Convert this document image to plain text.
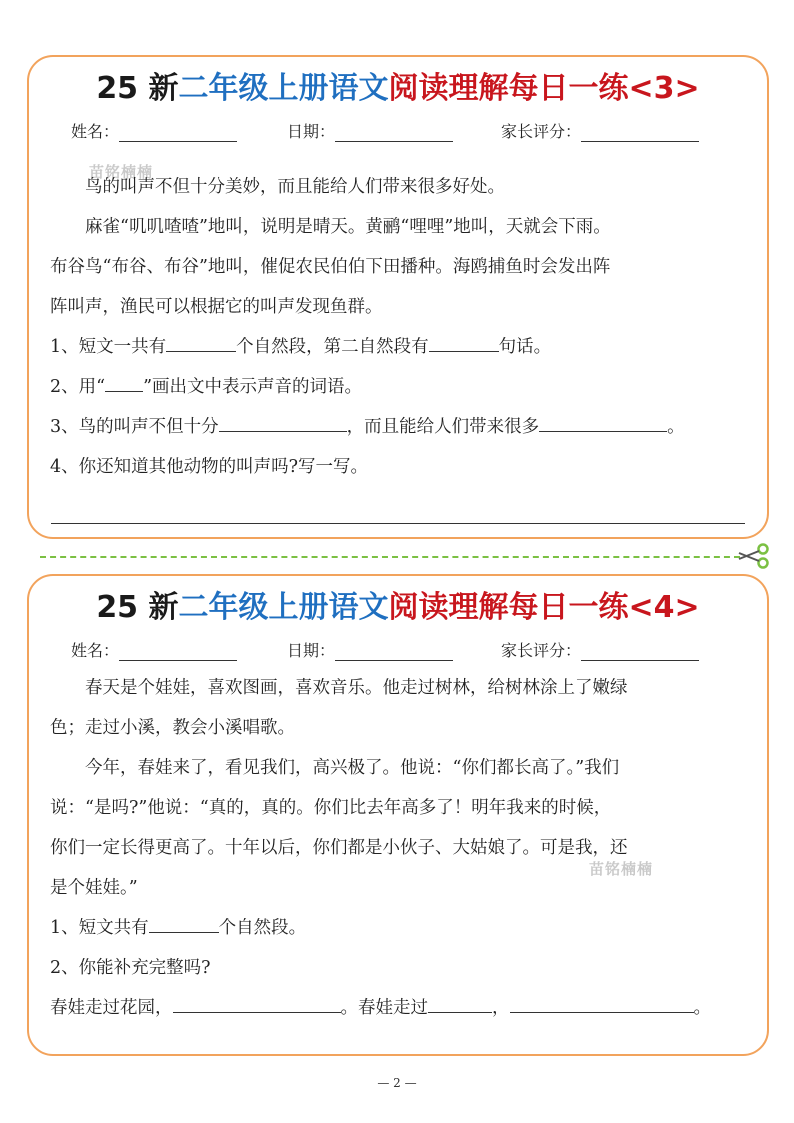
25 新二年级上册语文阅读理解每日一练<3>
姓名：	日期：	家长评分：
苗铭楠楠
鸟的叫声不但十分美妙，而且能给人们带来很多好处。
麻雀“叽叽喳喳”地叫，说明是晴天。黄鹂“哩哩”地叫，天就会下雨。
布谷鸟“布谷、布谷”地叫，催促农民伯伯下田播种。海鸥捕鱼时会发出阵
阵叫声，渔民可以根据它的叫声发现鱼群。
1、短文一共有	个自然段，第二自然段有	句话。
2、用“ ”画出文中表示声音的词语。
3、鸟的叫声不但十分	，而且能给人们带来很多	。
4、你还知道其他动物的叫声吗?写一写。
25 新二年级上册语文阅读理解每日一练<4>
姓名：	日期：	家长评分：
苗铭楠楠
春天是个娃娃，喜欢图画，喜欢音乐。他走过树林，给树林涂上了嫩绿
色；走过小溪，教会小溪唱歌。
今年，春娃来了，看见我们，高兴极了。他说：“你们都长高了。”我们
说：“是吗?”他说：“真的，真的。你们比去年高多了！明年我来的时候，
你们一定长得更高了。十年以后，你们都是小伙子、大姑娘了。可是我，还
是个娃娃。”
1、短文共有	个自然段。
2、你能补充完整吗?
春娃走过花园，	。春娃走过	，	。
— 2 —
